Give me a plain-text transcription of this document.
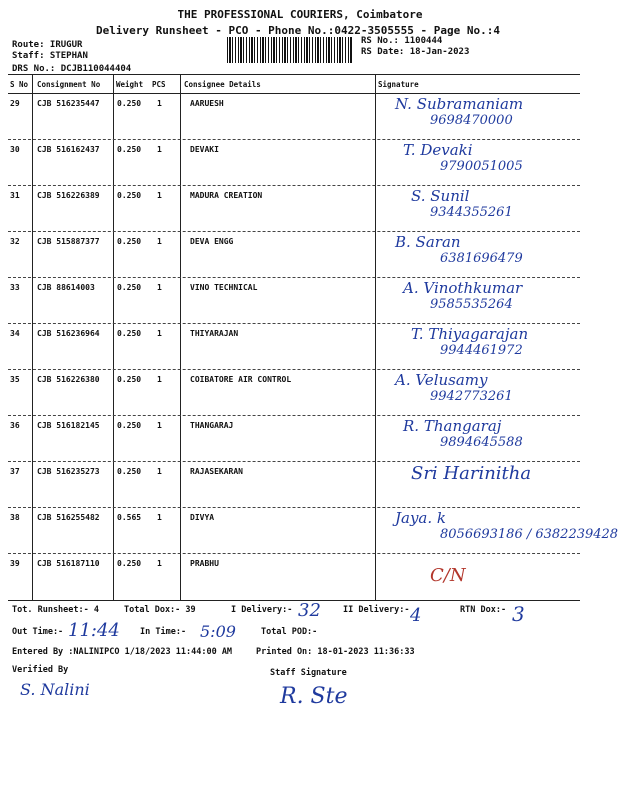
THE PROFESSIONAL COURIERS, Coimbatore
Delivery Runsheet - PCO - Phone No.:0422-3505555 - Page No.:4
Route: IRUGUR
Staff: STEPHAN
DRS No.: DCJB110044404
RS No.: 1100444
RS Date: 18-Jan-2023
S No Consignment No Weight PCS Consignee Details	Signature
29 CJB 516235447 0.250 1	AARUESH	N. Subramaniam
9698470000
30 CJB 516162437 0.250 1	DEVAKI	T. Devaki
9790051005
31 CJB 516226389 0.250 1	MADURA CREATION	S. Sunil
9344355261
32 CJB 515887377 0.250 1	DEVA ENGG	B. Saran
6381696479
33 CJB 88614003	0.250 1	VINO TECHNICAL	A. Vinothkumar
9585535264
34 CJB 516236964 0.250 1	THIYARAJAN	T. Thiyagarajan
9944461972
35 CJB 516226380 0.250 1	COIBATORE AIR CONTROL	A. Velusamy
9942773261
36 CJB 516182145 0.250 1	THANGARAJ	R. Thangaraj
9894645588
37 CJB 516235273 0.250 1	RAJASEKARAN	Sri Harinitha
38 CJB 516255482 0.565 1	DIVYA	Jaya. k
8056693186 / 6382239428
39 CJB 516187110 0.250 1	PRABHU
C/N
Tot. Runsheet:- 4	Total Dox:- 39	I Delivery:- 32	II Delivery:- 4	RTN Dox:- 3
Out Time:- 11:44 In Time:- 5:09	Total POD:-
Entered By :NALINIPCO 1/18/2023 11:44:00 AM	Printed On: 18-01-2023 11:36:33
Verified By
S. Nalini
Staff Signature
R. Ste
